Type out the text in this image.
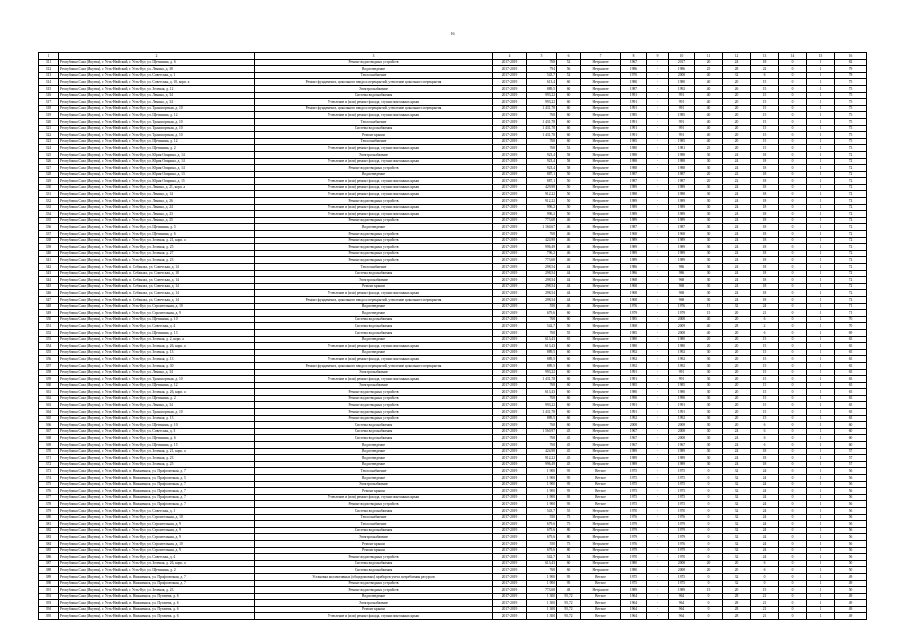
16
1	2	3	4	5	6	7	8	9	10	11	12	13	14	15	16
311	Республика Саха (Якутия), г. Усть-Нюйский, г. Усть-Кут, ул. Щетинина, д. 6	Ремонт водоотводных устройств	2017-2019	768	52	Нетралите	1967	-	2017	20	24	18	0	1	82
312	Республика Саха (Якутия), г. Усть-Нюйский, г. Усть-Кут, ул. Ленина, д. 38	Водоотведение	2017-2019	794	56	Нетралите	1986	-	1986	25	28	22	0	1	79
313	Республика Саха (Якутия), г. Усть-Нюйский, г. Усть-Кут, ул. Советская, д. 1	Теплоснабжение	2017-2019	543,7	52	Нетралите	1970	-	2008	40	32	6	0	1	78
314	Республика Саха (Якутия), г. Усть-Нюйский, г. Усть-Кут, ул. Советская, д. 10, корп. а	Ремонт фундамента, цокольного ввода и перекрытий, утепление цокольного перекрытия	2017-2019	613,4	60	Нетралите	1980	-	1980	40	20	15	0	1	75
315	Республика Саха (Якутия), г. Усть-Нюйский, г. Усть-Кут, ул. Зеленая, д. 12	Электроснабжение	2017-2019	889,5	60	Нетралите	1987	-	1992	40	26	15	0	1	75
316	Республика Саха (Якутия), г. Усть-Нюйский, г. Усть-Кут, ул. Ленина, д. 34	Система водоснабжения	2017-2019	993,22	60	Нетралите	1991	-	991	40	20	15	0	1	75
317	Республика Саха (Якутия), г. Усть-Нюйский, г. Усть-Кут, ул. Ленина, д. 34	Утепление и (или) ремонт фасада, ступни понтонных крыш	2017-2019	993,22	60	Нетралите	1991	-	991	40	20	15	0	1	75
318	Республика Саха (Якутия), г. Усть-Нюйский, г. Усть-Кут, ул. Транспортная, д. 10	Ремонт фундамента, цокольного ввода и перекрытий, утепление цокольного перекрытия	2017-2019	1 431,78	60	Нетралите	1991	-	991	40	20	15	0	1	75
319	Республика Саха (Якутия), г. Усть-Нюйский, г. Усть-Кут, ул. Щетинина, д. 12	Утепление и (или) ремонт фасада, ступни понтонных крыш	2017-2019	768	60	Нетралите	1985	-	1985	40	20	15	0	1	75
320	Республика Саха (Якутия), г. Усть-Нюйский, г. Усть-Кут, ул. Транспортная, д. 10	Теплоснабжение	2017-2019	1 431,78	60	Нетралите	1991	-	991	40	20	15	0	1	75
321	Республика Саха (Якутия), г. Усть-Нюйский, г. Усть-Кут, ул. Транспортная, д. 10	Система водоснабжения	2017-2019	1 431,78	60	Нетралите	1991	-	991	40	20	15	0	1	75
322	Республика Саха (Якутия), г. Усть-Нюйский, г. Усть-Кут, ул. Транспортная, д. 10	Ремонт крыши	2017-2019	1 431,78	60	Нетралите	1991	-	991	40	20	15	0	1	75
323	Республика Саха (Якутия), г. Усть-Нюйский, г. Усть-Кут, ул. Щетинина, д. 12	Теплоснабжение	2017-2019	768	60	Нетралите	1985	-	1985	40	20	15	0	1	75
324	Республика Саха (Якутия), г. Усть-Нюйский, г. Усть-Кут, ул. Щетинина, д. 2	Утепление и (или) ремонт фасада, ступни понтонных крыш	2017-2019	768	53	Нетралите	1980	-	1981	25	20	15	0	1	73
325	Республика Саха (Якутия), г. Усть-Нюйский, г. Усть-Кут, ул. Юрия Опарина, д. 14	Электроснабжение	2017-2019	923,4	58	Нетралите	1988	-	1988	30	24	18	0	1	72
326	Республика Саха (Якутия), г. Усть-Нюйский, г. Усть-Кут, ул. Юрия Опарина, д. 14	Утепление и (или) ремонт фасада, ступни понтонных крыш	2017-2019	923,4	58	Нетралите	1988	-	1988	30	24	18	0	1	72
327	Республика Саха (Якутия), г. Усть-Нюйский, г. Усть-Кут, ул. Юрия Опарина, д. 14	Ремонт водоотводных устройств	2017-2019	923,4	58	Нетралите	1988	-	1988	30	24	18	0	1	72
328	Республика Саха (Якутия), г. Усть-Нюйский, г. Усть-Кут, ул. Юрия Опарина, д. 13	Водоотведение	2017-2019	887,1	50	Нетралите	1987	-	1987	20	22	18	0	1	72
329	Республика Саха (Якутия), г. Усть-Нюйский, г. Усть-Кут, ул. Юрия Опарина, д. 15	Утепление и (или) ремонт фасада, ступни понтонных крыш	2017-2019	887,1	50	Нетралите	1987	-	1987	20	22	18	0	1	72
330	Республика Саха (Якутия), г. Усть-Нюйский, г. Усть-Кут, ул. Ленина, д. 21, корп. а	Утепление и (или) ремонт фасада, ступни понтонных крыш	2017-2019	429,98	50	Нетралите	1989	-	1989	30	24	18	0	1	72
331	Республика Саха (Якутия), г. Усть-Нюйский, г. Усть-Кут, ул. Ленина, д. 14	Утепление и (или) ремонт фасада, ступни понтонных крыш	2017-2019	912,22	50	Нетралите	1988	-	1988	30	24	18	0	1	72
332	Республика Саха (Якутия), г. Усть-Нюйский, г. Усть-Кут, ул. Ленина, д. 26	Ремонт водоотводных устройств	2017-2019	912,22	50	Нетралите	1989	-	1989	30	24	18	0	1	72
333	Республика Саха (Якутия), г. Усть-Нюйский, г. Усть-Кут, ул. Ленина, д. 24	Утепление и (или) ремонт фасада, ступни понтонных крыш	2017-2019	996,2	50	Нетралите	1989	-	1989	30	24	18	0	1	72
334	Республика Саха (Якутия), г. Усть-Нюйский, г. Усть-Кут, ул. Ленина, д. 23	Утепление и (или) ремонт фасада, ступни понтонных крыш	2017-2019	996,2	50	Нетралите	1989	-	1989	30	24	18	0	1	72
335	Республика Саха (Якутия), г. Усть-Нюйский, г. Усть-Кут, ул. Ленина, д. 25	Ремонт водоотводных устройств	2017-2019	773,68	46	Нетралите	1989	-	1989	30	24	18	0	1	72
336	Республика Саха (Якутия), г. Усть-Нюйский, г. Усть-Кут, ул. Щетинина, д. 5	Водоотведение	2017-2019	1 160,67	46	Нетралите	1987	-	1987	30	24	18	0	1	72
337	Республика Саха (Якутия), г. Усть-Нюйский, г. Усть-Кут, ул. Щетинина, д. 6	Ремонт водоотводных устройств	2017-2019	768	46	Нетралите	1968	-	1968	30	24	18	0	1	72
338	Республика Саха (Якутия), г. Усть-Нюйский, г. Усть-Кут, ул. Зеленая, д. 21, корп. а	Ремонт водоотводных устройств	2017-2019	424,98	46	Нетралите	1989	-	1989	30	24	18	0	1	72
339	Республика Саха (Якутия), г. Усть-Нюйский, г. Усть-Кут, ул. Зеленая, д. 25	Ремонт водоотводных устройств	2017-2019	996,49	46	Нетралите	1989	-	1989	30	24	18	0	1	72
340	Республика Саха (Якутия), г. Усть-Нюйский, г. Усть-Кут, ул. Зеленая, д. 27	Ремонт водоотводных устройств	2017-2019	796,2	46	Нетралите	1989	-	1989	30	24	18	0	1	72
341	Республика Саха (Якутия), г. Усть-Нюйский, г. Усть-Кут, ул. Зеленая, д. 23	Ремонт водоотводных устройств	2017-2019	773,68	46	Нетралите	1989	-	1989	30	24	18	0	1	72
342	Республика Саха (Якутия), г. Усть-Нюйский, п. Себаялах, ул. Советская, д. 14	Теплоснабжение	2017-2019	298,54	44	Нетралите	1986	-	986	30	24	18	0	1	72
343	Республика Саха (Якутия), г. Усть-Нюйский, п. Себаялах, ул. Советская, д. 18	Система водоснабжения	2017-2019	298,54	44	Нетралите	1986	-	986	30	24	18	0	1	72
344	Республика Саха (Якутия), г. Усть-Нюйский, п. Себаялах, ул. Советская, д. 14	Электроснабжение	2017-2019	298,54	44	Нетралите	1968	-	968	30	24	18	0	1	72
345	Республика Саха (Якутия), г. Усть-Нюйский, п. Себаялах, ул. Советская, д. 14	Ремонт крыши	2017-2019	298,54	44	Нетралите	1968	-	968	30	24	18	0	1	72
346	Республика Саха (Якутия), г. Усть-Нюйский, п. Себаялах, ул. Советская, д. 14	Утепление и (или) ремонт фасада, ступни понтонных крыш	2017-2019	298,54	44	Нетралите	1968	-	968	30	24	18	0	1	72
347	Республика Саха (Якутия), г. Усть-Нюйский, п. Себаялах, ул. Советская, д. 14	Ремонт фундамента, цокольного ввода и перекрытий, утепление цокольного перекрытия	2017-2019	298,54	44	Нетралите	1968	-	968	30	24	18	0	1	72
348	Республика Саха (Якутия), г. Усть-Нюйский, г. Усть-Кут, ул. Строительная, д. 10	Водоотведение	2017-2019	550	46	Нетралите	1976	-	1976	15	32	24	0	1	71
349	Республика Саха (Якутия), г. Усть-Нюйский, г. Усть-Кут, ул. Строительная, д. 9	Водоотведение	2017-2019	679,6	60	Нетралите	1979	-	1979	15	20	21	0	1	71
350	Республика Саха (Якутия), г. Усть-Нюйский, г. Усть-Кут, ул. Щетинина, д. 10	Система водоснабжения	2017-2019	768	60	Нетралите	1985	-	2008	40	20	6	0	1	70
351	Республика Саха (Якутия), г. Усть-Нюйский, г. Усть-Кут, ул. Советская, д. 4	Система водоснабжения	2017-2019	542,7	50	Нетралите	1968	-	2009	40	28	2	0	1	70
352	Республика Саха (Якутия), г. Усть-Нюйский, г. Усть-Кут, ул. Щетинина, д. 13	Система водоснабжения	2017-2019	768	55	Нетралите	1985	-	2008	40	20	6	0	1	69
353	Республика Саха (Якутия), г. Усть-Нюйский, г. Усть-Кут, ул. Зеленая, д. 2, корп. а	Водоотведение	2017-2019	613,43	65	Нетралите	1980	-	1980	20	20	15	0	1	65
354	Республика Саха (Якутия), г. Усть-Нюйский, г. Усть-Кут, ул. Зеленая, д. 26, корп. а	Утепление и (или) ремонт фасада, ступни понтонных крыш	2017-2019	613,43	60	Нетралите	1980	-	1980	20	20	15	0	1	65
355	Республика Саха (Якутия), г. Усть-Нюйский, г. Усть-Кут, ул. Зеленая, д. 13	Водоотведение	2017-2019	889,5	60	Нетралите	1992	-	1992	30	20	15	0	1	65
356	Республика Саха (Якутия), г. Усть-Нюйский, г. Усть-Кут, ул. Зеленая, д. 13	Утепление и (или) ремонт фасада, ступни понтонных крыш	2017-2019	889,5	60	Нетралите	1992	-	1992	30	20	15	0	1	65
357	Республика Саха (Якутия), г. Усть-Нюйский, г. Усть-Кут, ул. Зеленая, д. 30	Ремонт фундамента, цокольного ввода и перекрытий, утепление цокольного перекрытия	2017-2019	889,5	60	Нетралите	1992	-	1992	30	20	15	0	1	65
358	Республика Саха (Якутия), г. Усть-Нюйский, г. Усть-Кут, ул. Ленина, д. 34	Электроснабжение	2017-2019	993,22	60	Нетралите	1991	-	991	30	20	15	0	1	65
359	Республика Саха (Якутия), г. Усть-Нюйский, г. Усть-Кут, ул. Транспортная, д. 10	Утепление и (или) ремонт фасада, ступни понтонных крыш	2017-2019	1 431,78	60	Нетралите	1991	-	991	30	20	15	0	1	65
360	Республика Саха (Якутия), г. Усть-Нюйский, г. Усть-Кут, ул. Щетинина, д. 12	Электроснабжение	2017-2019	768	60	Нетралите	1985	-	1985	30	20	15	0	1	65
361	Республика Саха (Якутия), г. Усть-Нюйский, г. Усть-Кут, ул. Зеленая, д. 26, корп. а	Ремонт водоотводных устройств	2017-2019	613,43	60	Нетралите	1980	-	1980	30	20	15	0	1	65
362	Республика Саха (Якутия), г. Усть-Нюйский, г. Усть-Кут, ул. Щетинина, д. 2	Ремонт водоотводных устройств	2017-2019	768	60	Нетралите	1990	-	1990	30	20	15	0	1	65
363	Республика Саха (Якутия), г. Усть-Нюйский, г. Усть-Кут, ул. Ленина, д. 34	Ремонт водоотводных устройств	2017-2019	993,22	60	Нетралите	1991	-	1991	30	20	15	0	1	65
364	Республика Саха (Якутия), г. Усть-Нюйский, г. Усть-Кут, ул. Транспортная, д. 10	Ремонт водоотводных устройств	2017-2019	1 431,78	60	Нетралите	1991	-	1991	30	20	15	0	1	65
365	Республика Саха (Якутия), г. Усть-Нюйский, г. Усть-Кут, ул. Зеленая, д. 13	Ремонт водоотводных устройств	2017-2019	889,5	60	Нетралите	1992	-	1992	30	20	15	0	1	65
366	Республика Саха (Якутия), г. Усть-Нюйский, г. Усть-Кут, ул. Щетинина, д. 10	Система водоснабжения	2017-2019	768	60	Нетралите	2008	-	2008	30	20	6	0	1	60
367	Республика Саха (Якутия), г. Усть-Нюйский, г. Усть-Кут, ул. Советская, д. 3	Система водоснабжения	2017-2019	1 560,97	45	Нетралите	1967	-	2008	30	24	6	0	1	60
368	Республика Саха (Якутия), г. Усть-Нюйский, г. Усть-Кут, ул. Щетинина, д. 6	Система водоснабжения	2017-2019	768	45	Нетралите	1967	-	2008	30	24	6	0	1	60
369	Республика Саха (Якутия), г. Усть-Нюйский, г. Усть-Кут, ул. Щетинина, д. 15	Водоотведение	2017-2019	768	45	Нетралите	1967	-	1967	30	24	6	0	1	60
370	Республика Саха (Якутия), г. Усть-Нюйский, г. Усть-Кут, ул. Зеленая, д. 21, корп. а	Водоотведение	2017-2019	424,98	45	Нетралите	1989	-	1989	30	24	18	0	1	57
371	Республика Саха (Якутия), г. Усть-Нюйский, г. Усть-Кут, ул. Зеленая, д. 23	Водоотведение	2017-2019	912,22	45	Нетралите	1989	-	1989	30	24	18	0	1	57
372	Республика Саха (Якутия), г. Усть-Нюйский, г. Усть-Кут, ул. Зеленая, д. 25	Водоотведение	2017-2019	996,49	45	Нетралите	1989	-	1989	30	24	18	0	1	57
373	Республика Саха (Якутия), г. Усть-Нюйский, п. Нижнеянск, ул. Профсоюзная, д. 7	Теплоснабжение	2017-2019	1 900	95	Ветхое	1975	-	1975	0	32	24	0	1	56
374	Республика Саха (Якутия), г. Усть-Нюйский, п. Нижнеянск, ул. Профсоюзная, д. 5	Водоотведение	2017-2019	1 900	95	Ветхое	1975	-	1975	0	32	24	0	1	56
375	Республика Саха (Якутия), г. Усть-Нюйский, п. Нижнеянск, ул. Профсоюзная, д. 7	Электроснабжение	2017-2019	1 900	95	Ветхое	1975	-	1975	0	32	24	0	1	56
376	Республика Саха (Якутия), г. Усть-Нюйский, п. Нижнеянск, ул. Профсоюзная, д. 7	Ремонт крыши	2017-2019	1 900	95	Ветхое	1975	-	1975	0	32	24	0	1	56
377	Республика Саха (Якутия), г. Усть-Нюйский, п. Нижнеянск, ул. Профсоюзная, д. 7	Утепление и (или) ремонт фасада, ступни понтонных крыш	2017-2019	1 900	95	Ветхое	1975	-	1975	0	32	24	0	1	56
378	Республика Саха (Якутия), г. Усть-Нюйский, п. Нижнеянск, ул. Профсоюзная, д. 7	Ремонт водоотводных устройств	2017-2019	1 900	95	Ветхое	1975	-	1975	0	32	24	0	1	56
379	Республика Саха (Якутия), г. Усть-Нюйский, г. Усть-Кут, ул. Советская, д. 1	Система водоснабжения	2017-2019	543,7	55	Нетралите	1970	-	1970	0	32	24	0	1	56
380	Республика Саха (Якутия), г. Усть-Нюйский, г. Усть-Кут, ул. Строительная, д. 10	Теплоснабжение	2017-2019	550	75	Нетралите	1976	-	1976	0	32	24	0	1	56
381	Республика Саха (Якутия), г. Усть-Нюйский, г. Усть-Кут, ул. Строительная, д. 9	Теплоснабжение	2017-2019	679,6	75	Нетралите	1979	-	1979	0	32	24	0	1	56
382	Республика Саха (Якутия), г. Усть-Нюйский, г. Усть-Кут, ул. Строительная, д. 9	Система водоснабжения	2017-2019	679,6	80	Нетралите	1979	-	1979	0	32	24	0	1	56
383	Республика Саха (Якутия), г. Усть-Нюйский, г. Усть-Кут, ул. Строительная, д. 9	Электроснабжение	2017-2019	679,6	80	Нетралите	1979	-	1979	0	32	24	0	1	56
384	Республика Саха (Якутия), г. Усть-Нюйский, г. Усть-Кут, ул. Строительная, д. 10	Ремонт крыши	2017-2019	550	75	Нетралите	1976	-	1976	0	32	24	0	1	56
385	Республика Саха (Якутия), г. Усть-Нюйский, г. Усть-Кут, ул. Строительная, д. 9	Ремонт крыши	2017-2019	679,6	80	Нетралите	1979	-	1979	0	32	24	0	1	56
386	Республика Саха (Якутия), г. Усть-Нюйский, г. Усть-Кут, ул. Советская, д. 4	Ремонт водоотводных устройств	2017-2019	542,7	54	Нетралите	1970	-	1970	0	32	24	0	1	56
387	Республика Саха (Якутия), г. Усть-Нюйский, г. Усть-Кут, ул. Зеленая, д. 26, корп. а	Система водоснабжения	2017-2019	613,43	60	Нетралите	1980	-	2008	20	20	6	0	1	50
388	Республика Саха (Якутия), г. Усть-Нюйский, г. Усть-Кут, ул. Щетинина, д. 2	Система водоснабжения	2017-2019	768	60	Нетралите	1980	-	2008	20	20	6	0	1	50
389	Республика Саха (Якутия), г. Усть-Нюйский, п. Нижнеянск, ул. Профсоюзная, д. 7	Установка коллективных (общедомовых) приборов учета потребления ресурсов	2017-2019	1 900	95	Ветхое	1975	-	1975	0	32	0	0	1	49
390	Республика Саха (Якутия), г. Усть-Нюйский, п. Нижнеянск, ул. Профсоюзная, д. 7	Ремонт водоотводных устройств	2017-2019	1 900	95	Ветхое	1975	-	1975	0	32	0	0	1	49
391	Республика Саха (Якутия), г. Усть-Нюйский, г. Усть-Кут, ул. Зеленая, д. 23	Ремонт водоотводных устройств	2017-2019	773,68	48	Нетралите	1989	-	1989	15	20	15	0	1	50
392	Республика Саха (Якутия), г. Усть-Нюйский, п. Нижнеянск, ул. Пугачева, д. 6	Водоотведение	2017-2019	1 300	95,72	Ветхое	1964	-	964	0	28	21	0	1	49
393	Республика Саха (Якутия), г. Усть-Нюйский, п. Нижнеянск, ул. Пугачева, д. 6	Электроснабжение	2017-2019	1 300	95,72	Ветхое	1964	-	964	0	28	21	0	1	49
394	Республика Саха (Якутия), г. Усть-Нюйский, п. Нижнеянск, ул. Пугачева, д. 6	Ремонт крыши	2017-2019	1 300	95,72	Ветхое	1964	-	964	0	28	21	0	1	49
395	Республика Саха (Якутия), г. Усть-Нюйский, п. Нижнеянск, ул. Пугачева, д. 6	Утепление и (или) ремонт фасада, ступни понтонных крыш	2017-2019	1 300	95,72	Ветхое	1964	-	964	0	28	21	0	1	49
